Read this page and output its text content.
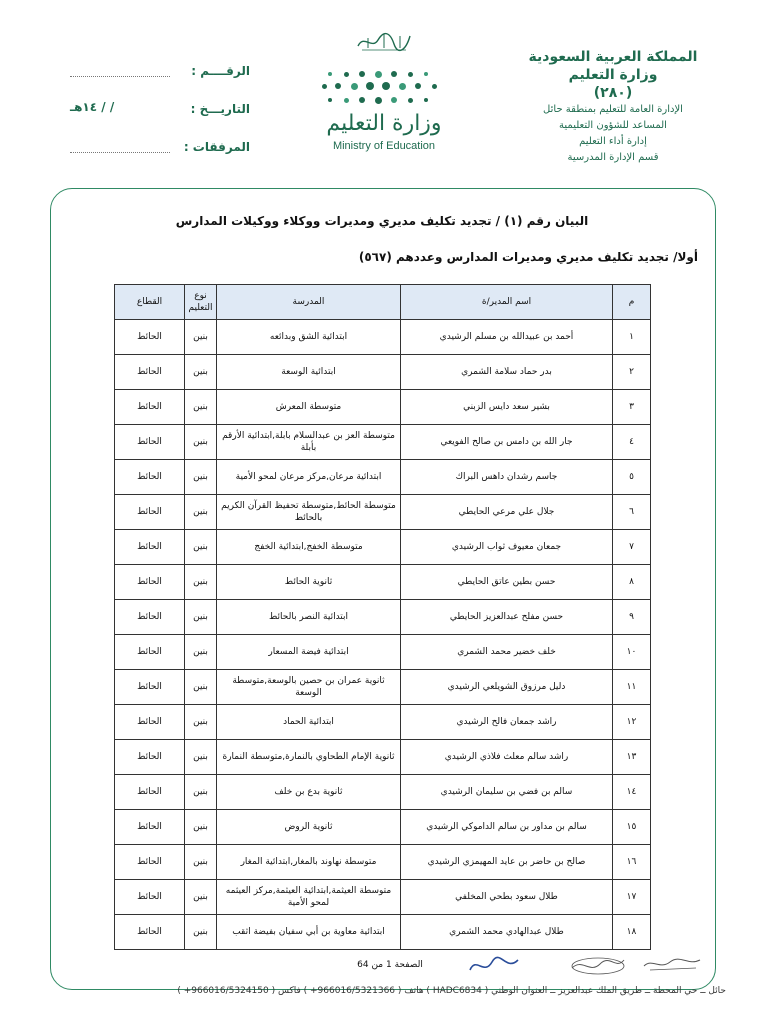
المملكة العربية السعودية
وزارة التعليم
(٢٨٠)
الإدارة العامة للتعليم بمنطقة حائل
المساعد للشؤون التعليمية
إدارة أداء التعليم
قسم الإدارة المدرسية
وزارة التعليم
Ministry of Education
الرقــــم :
التاريـــخ :
/ / ١٤هـ
المرفقات :
البيان رقم (١) / تجديد تكليف مديري ومديرات ووكلاء ووكيلات المدارس
أولا/ تجديد تكليف مديري ومديرات المدارس وعددهم (٥٦٧)
م	اسم المدير/ة	المدرسة	نوع التعليم	القطاع
١	أحمد بن عبيدالله بن مسلم الرشيدي	ابتدائية الشق وبدائعه	بنين	الحائط
٢	بدر حماد سلامة الشمري	ابتدائية الوسعة	بنين	الحائط
٣	بشير سعد دايس الزبني	متوسطة المعرش	بنين	الحائط
٤	جار الله بن دامس بن صالح الفويعي	متوسطة العز بن عبدالسلام بابلة,ابتدائية الأرقم بأبلة	بنين	الحائط
٥	جاسم رشدان داهس البراك	ابتدائية مرعان,مركز مرعان لمحو الأمية	بنين	الحائط
٦	جلال علي مرعي الحايطي	متوسطة الحائط,متوسطة تحفيظ القرآن الكريم بالحائط	بنين	الحائط
٧	جمعان معيوف ثواب الرشيدي	متوسطة الخفج,ابتدائية الخفج	بنين	الحائط
٨	حسن بطين عاتق الحايطي	ثانوية الحائط	بنين	الحائط
٩	حسن مفلح عبدالعزيز الحايطي	ابتدائية النصر بالحائط	بنين	الحائط
١٠	خلف خضير محمد الشمري	ابتدائية فيضة المسعار	بنين	الحائط
١١	دليل مرزوق الشويلعي الرشيدي	ثانوية عمران بن حصين بالوسعة,متوسطة الوسعة	بنين	الحائط
١٢	راشد جمعان فالح الرشيدي	ابتدائية الحماد	بنين	الحائط
١٣	راشد سالم معلث فلاذي الرشيدي	ثانوية الإمام الطحاوي بالنمارة,متوسطة النمارة	بنين	الحائط
١٤	سالم بن فضي بن سليمان الرشيدي	ثانوية بدع بن خلف	بنين	الحائط
١٥	سالم بن مداور بن سالم الداموكي الرشيدي	ثانوية الروض	بنين	الحائط
١٦	صالح بن حاضر بن عايد المهيمزي الرشيدي	متوسطة نهاوند بالمغار,ابتدائية المغار	بنين	الحائط
١٧	طلال سعود بطحي المخلفي	متوسطة العيثمة,ابتدائية العيثمة,مركز العيثمه لمحو الأمية	بنين	الحائط
١٨	طلال عبدالهادي محمد الشمري	ابتدائية معاوية بن أبي سفيان بفيضة اثقب	بنين	الحائط
الصفحة 1 من 64
حائل ــ حي المحطة ــ طريق الملك عبدالعزيز ــ العنوان الوطني ( HADC6834 ) هاتف ( 966016/5321366+ ) فاكس ( 966016/5324150+ )
